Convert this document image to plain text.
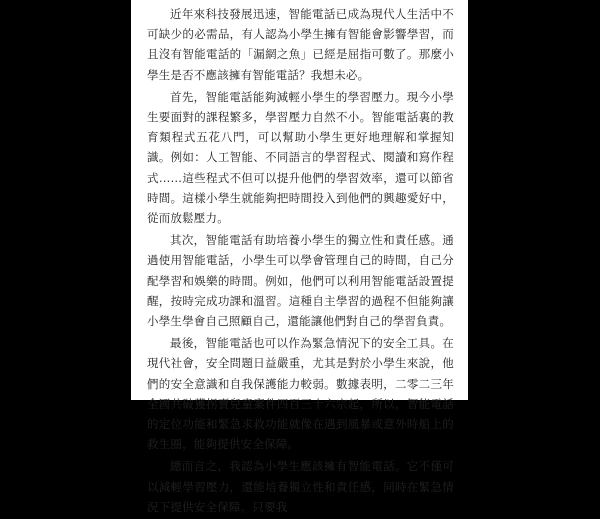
近年來科技發展迅速，智能電話已成為現代人生活中不可缺少的必需品，有人認為小學生擁有智能會影響學習，而且沒有智能電話的「漏網之魚」已經是屈指可數了。那麼小學生是否不應該擁有智能電話？我想未必。

首先，智能電話能夠減輕小學生的學習壓力。現今小學生要面對的課程繁多，學習壓力自然不小。智能電話裏的教育類程式五花八門，可以幫助小學生更好地理解和掌握知識。例如：人工智能、不同語言的學習程式、閱讀和寫作程式……這些程式不但可以提升他們的學習效率，還可以節省時間。這樣小學生就能夠把時間投入到他們的興趣愛好中，從而放鬆壓力。

其次，智能電話有助培養小學生的獨立性和責任感。通過使用智能電話，小學生可以學會管理自己的時間，自己分配學習和娛樂的時間。例如，他們可以利用智能電話設置提醒，按時完成功課和溫習。這種自主學習的過程不但能夠讓小學生學會自己照顧自己，還能讓他們對自己的學習負責。

最後，智能電話也可以作為緊急情況下的安全工具。在現代社會，安全問題日益嚴重，尤其是對於小學生來說，他們的安全意識和自我保護能力較弱。數據表明，二零二三年全國共破獲拐賣兒童案件四百三十六宗起，所以，智能電話的定位功能和緊急求救功能就像在遇到風暴或意外時船上的救生圈，能夠提供安全保障。

總而言之，我認為小學生應該擁有智能電話。它不僅可以減輕學習壓力，還能培養獨立性和責任感，同時在緊急情況下提供安全保障。只要我
